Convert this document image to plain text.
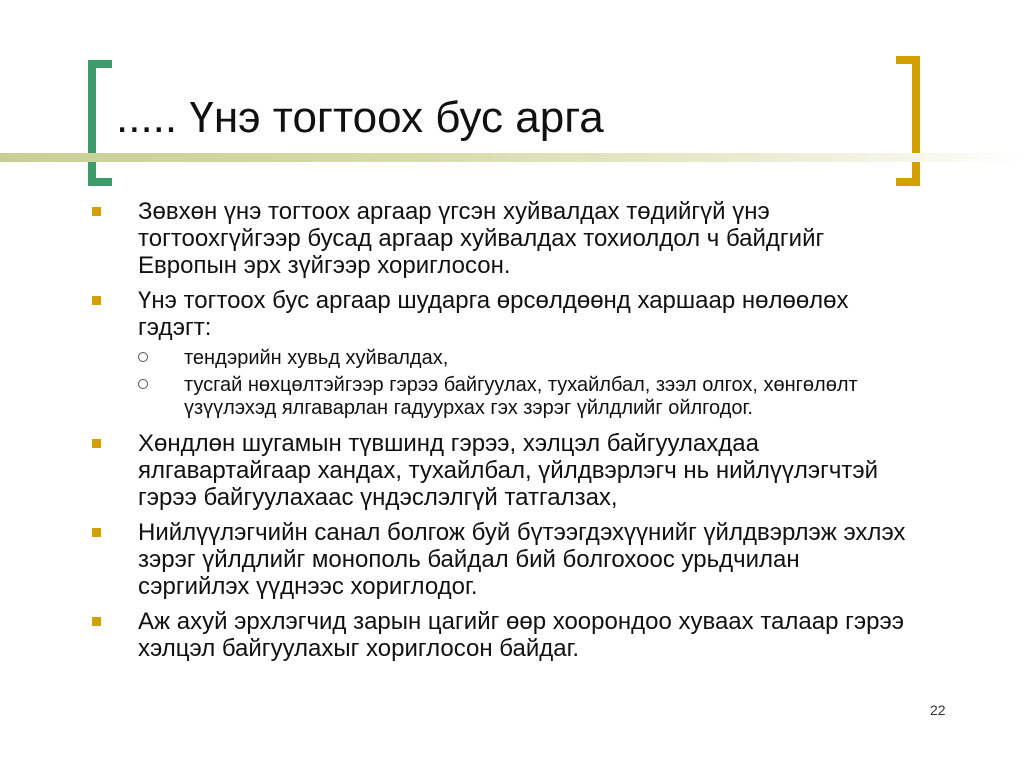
..... Үнэ тогтоох бус арга
Зөвхөн үнэ тогтоох аргаар үгсэн хуйвалдах төдийгүй үнэ тогтоохгүйгээр бусад аргаар хуйвалдах тохиолдол ч байдгийг Европын эрх зүйгээр хориглосон.
Үнэ тогтоох бус аргаар шударга өрсөлдөөнд харшаар нөлөөлөх гэдэгт:
тендэрийн хувьд хуйвалдах,
тусгай нөхцөлтэйгээр гэрээ байгуулах, тухайлбал, зээл олгох, хөнгөлөлт үзүүлэхэд ялгаварлан гадуурхах гэх зэрэг үйлдлийг ойлгодог.
Хөндлөн шугамын түвшинд гэрээ, хэлцэл байгуулахдаа ялгавартайгаар хандах, тухайлбал, үйлдвэрлэгч нь нийлүүлэгчтэй гэрээ байгуулахаас үндэслэлгүй татгалзах,
Нийлүүлэгчийн санал болгож буй бүтээгдэхүүнийг үйлдвэрлэж эхлэх зэрэг үйлдлийг монополь байдал бий болгохоос урьдчилан сэргийлэх үүднээс хориглодог.
Аж ахуй эрхлэгчид зарын цагийг өөр хоорондоо хуваах талаар гэрээ хэлцэл байгуулахыг хориглосон байдаг.
22
